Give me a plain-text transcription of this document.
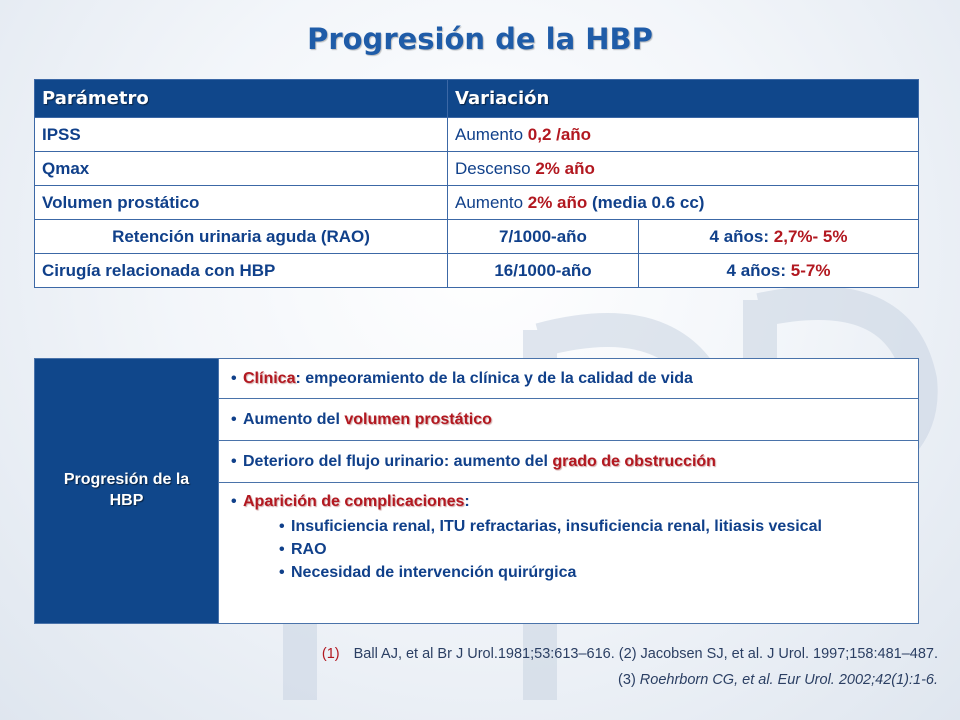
Progresión de la HBP
Parámetro	Variación	
IPSS	Aumento 0,2 /año	
Qmax	Descenso 2% año	
Volumen prostático	Aumento 2% año (media 0.6 cc)	
Retención urinaria aguda (RAO)	7/1000-año	4 años: 2,7%- 5%
Cirugía relacionada con HBP	16/1000-año	4 años: 5-7%
Progresión de la HBP	
• Clínica: empeoramiento de la clínica y de la calidad de vida

• Aumento del volumen prostático

• Deterioro del flujo urinario: aumento del grado de obstrucción

• Aparición de complicaciones:
• Insuficiencia renal, ITU refractarias, insuficiencia renal, litiasis vesical
• RAO
• Necesidad de intervención quirúrgica
(1) Ball AJ, et al Br J Urol.1981;53:613–616. (2) Jacobsen SJ, et al. J Urol. 1997;158:481–487.
(3) Roehrborn CG, et al. Eur Urol. 2002;42(1):1-6.
